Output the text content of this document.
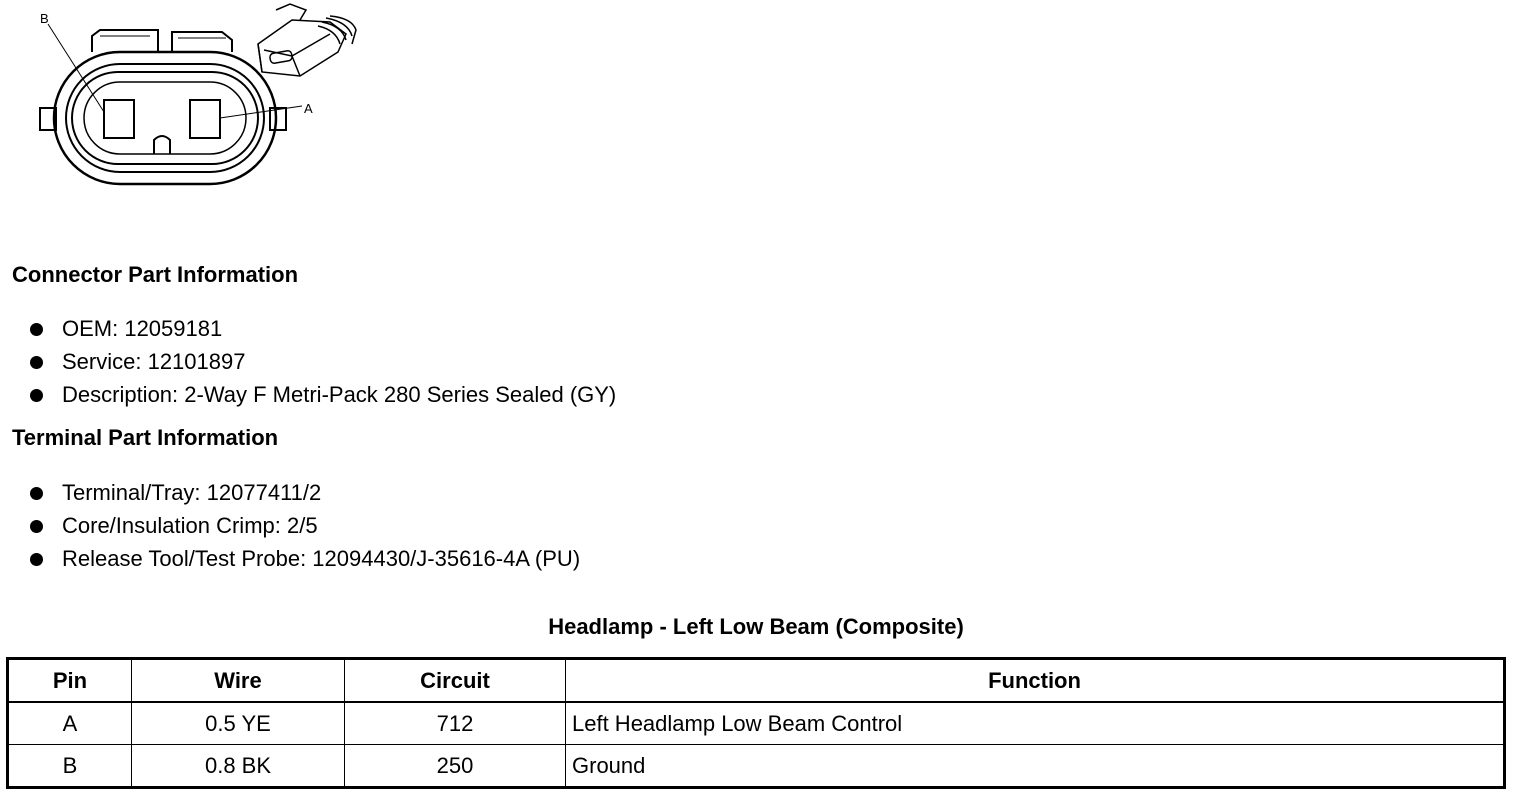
B
A
Connector Part Information
OEM: 12059181
Service: 12101897
Description: 2-Way F Metri-Pack 280 Series Sealed (GY)
Terminal Part Information
Terminal/Tray: 12077411/2
Core/Insulation Crimp: 2/5
Release Tool/Test Probe: 12094430/J-35616-4A (PU)
Headlamp - Left Low Beam (Composite)
Pin	Wire	Circuit	Function
A	0.5 YE	712	Left Headlamp Low Beam Control
B	0.8 BK	250	Ground
